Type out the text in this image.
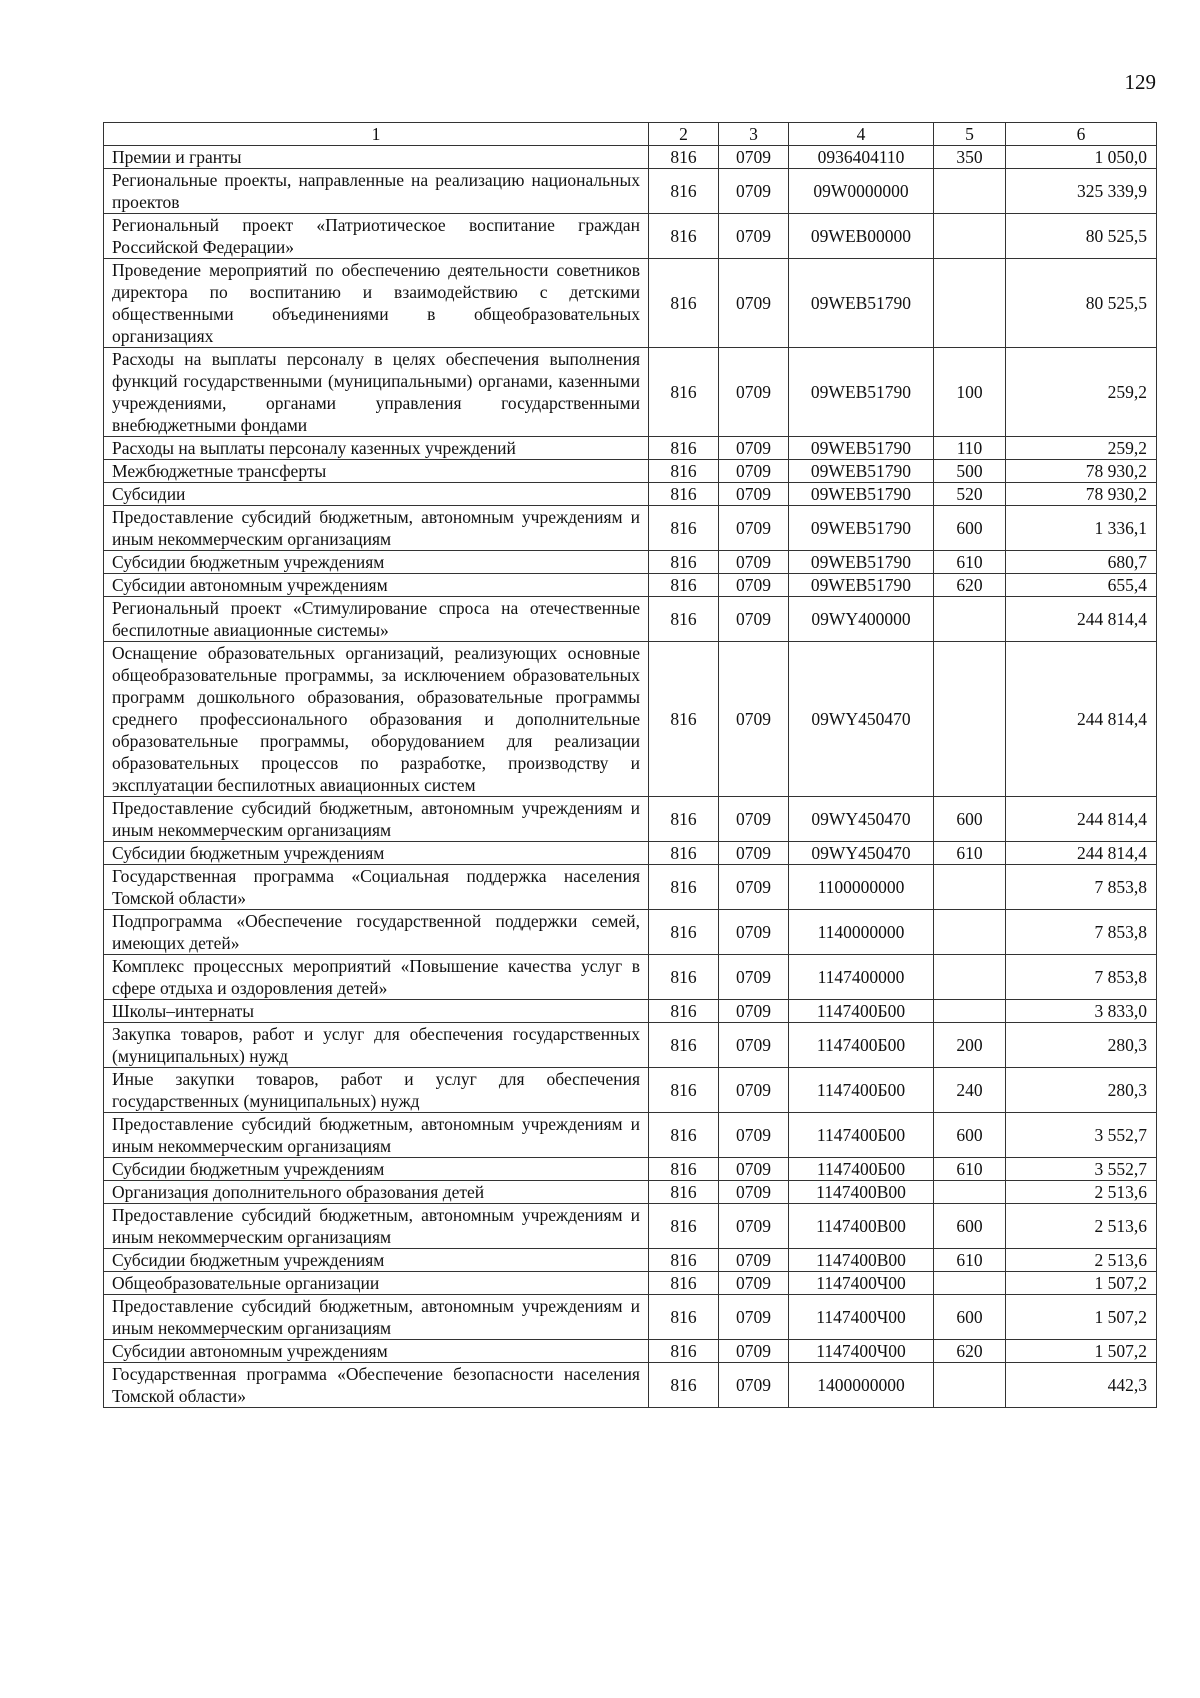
129
1	2	3	4	5	6
Премии и гранты	816	0709	0936404110	350	1 050,0
Региональные проекты, направленные на реализацию национальных проектов	816	0709	09W0000000		325 339,9
Региональный проект «Патриотическое воспитание граждан Российской Федерации»	816	0709	09WEB00000		80 525,5
Проведение мероприятий по обеспечению деятельности советников директора по воспитанию и взаимодействию с детскими общественными объединениями в общеобразовательных организациях	816	0709	09WEB51790		80 525,5
Расходы на выплаты персоналу в целях обеспечения выполнения функций государственными (муниципальными) органами, казенными учреждениями, органами управления государственными внебюджетными фондами	816	0709	09WEB51790	100	259,2
Расходы на выплаты персоналу казенных учреждений	816	0709	09WEB51790	110	259,2
Межбюджетные трансферты	816	0709	09WEB51790	500	78 930,2
Субсидии	816	0709	09WEB51790	520	78 930,2
Предоставление субсидий бюджетным, автономным учреждениям и иным некоммерческим организациям	816	0709	09WEB51790	600	1 336,1
Субсидии бюджетным учреждениям	816	0709	09WEB51790	610	680,7
Субсидии автономным учреждениям	816	0709	09WEB51790	620	655,4
Региональный проект «Стимулирование спроса на отечественные беспилотные авиационные системы»	816	0709	09WY400000		244 814,4
Оснащение образовательных организаций, реализующих основные общеобразовательные программы, за исключением образовательных программ дошкольного образования, образовательные программы среднего профессионального образования и дополнительные образовательные программы, оборудованием для реализации образовательных процессов по разработке, производству и эксплуатации беспилотных авиационных систем	816	0709	09WY450470		244 814,4
Предоставление субсидий бюджетным, автономным учреждениям и иным некоммерческим организациям	816	0709	09WY450470	600	244 814,4
Субсидии бюджетным учреждениям	816	0709	09WY450470	610	244 814,4
Государственная программа «Социальная поддержка населения Томской области»	816	0709	1100000000		7 853,8
Подпрограмма «Обеспечение государственной поддержки семей, имеющих детей»	816	0709	1140000000		7 853,8
Комплекс процессных мероприятий «Повышение качества услуг в сфере отдыха и оздоровления детей»	816	0709	1147400000		7 853,8
Школы–интернаты	816	0709	1147400Б00		3 833,0
Закупка товаров, работ и услуг для обеспечения государственных (муниципальных) нужд	816	0709	1147400Б00	200	280,3
Иные закупки товаров, работ и услуг для обеспечения государственных (муниципальных) нужд	816	0709	1147400Б00	240	280,3
Предоставление субсидий бюджетным, автономным учреждениям и иным некоммерческим организациям	816	0709	1147400Б00	600	3 552,7
Субсидии бюджетным учреждениям	816	0709	1147400Б00	610	3 552,7
Организация дополнительного образования детей	816	0709	1147400В00		2 513,6
Предоставление субсидий бюджетным, автономным учреждениям и иным некоммерческим организациям	816	0709	1147400В00	600	2 513,6
Субсидии бюджетным учреждениям	816	0709	1147400В00	610	2 513,6
Общеобразовательные организации	816	0709	1147400Ч00		1 507,2
Предоставление субсидий бюджетным, автономным учреждениям и иным некоммерческим организациям	816	0709	1147400Ч00	600	1 507,2
Субсидии автономным учреждениям	816	0709	1147400Ч00	620	1 507,2
Государственная программа «Обеспечение безопасности населения Томской области»	816	0709	1400000000		442,3
